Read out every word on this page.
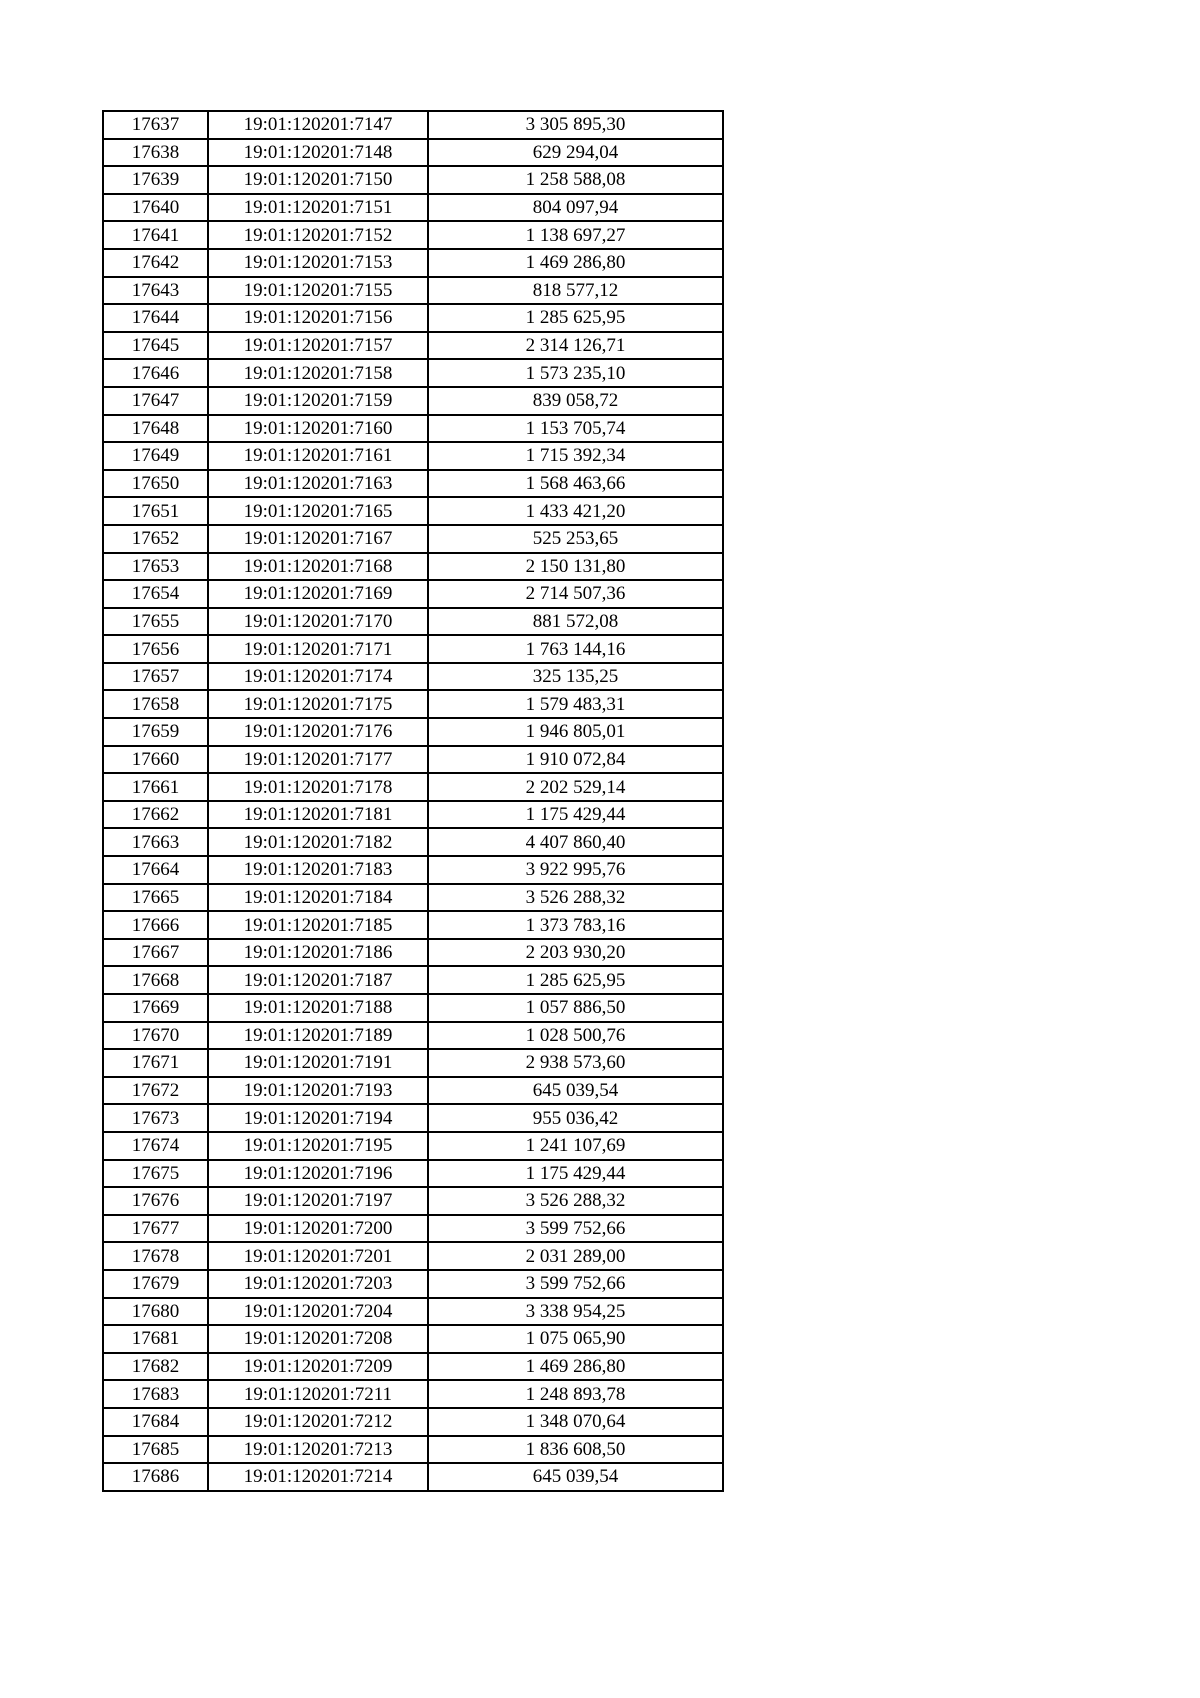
17637	19:01:120201:7147	3 305 895,30
17638	19:01:120201:7148	629 294,04
17639	19:01:120201:7150	1 258 588,08
17640	19:01:120201:7151	804 097,94
17641	19:01:120201:7152	1 138 697,27
17642	19:01:120201:7153	1 469 286,80
17643	19:01:120201:7155	818 577,12
17644	19:01:120201:7156	1 285 625,95
17645	19:01:120201:7157	2 314 126,71
17646	19:01:120201:7158	1 573 235,10
17647	19:01:120201:7159	839 058,72
17648	19:01:120201:7160	1 153 705,74
17649	19:01:120201:7161	1 715 392,34
17650	19:01:120201:7163	1 568 463,66
17651	19:01:120201:7165	1 433 421,20
17652	19:01:120201:7167	525 253,65
17653	19:01:120201:7168	2 150 131,80
17654	19:01:120201:7169	2 714 507,36
17655	19:01:120201:7170	881 572,08
17656	19:01:120201:7171	1 763 144,16
17657	19:01:120201:7174	325 135,25
17658	19:01:120201:7175	1 579 483,31
17659	19:01:120201:7176	1 946 805,01
17660	19:01:120201:7177	1 910 072,84
17661	19:01:120201:7178	2 202 529,14
17662	19:01:120201:7181	1 175 429,44
17663	19:01:120201:7182	4 407 860,40
17664	19:01:120201:7183	3 922 995,76
17665	19:01:120201:7184	3 526 288,32
17666	19:01:120201:7185	1 373 783,16
17667	19:01:120201:7186	2 203 930,20
17668	19:01:120201:7187	1 285 625,95
17669	19:01:120201:7188	1 057 886,50
17670	19:01:120201:7189	1 028 500,76
17671	19:01:120201:7191	2 938 573,60
17672	19:01:120201:7193	645 039,54
17673	19:01:120201:7194	955 036,42
17674	19:01:120201:7195	1 241 107,69
17675	19:01:120201:7196	1 175 429,44
17676	19:01:120201:7197	3 526 288,32
17677	19:01:120201:7200	3 599 752,66
17678	19:01:120201:7201	2 031 289,00
17679	19:01:120201:7203	3 599 752,66
17680	19:01:120201:7204	3 338 954,25
17681	19:01:120201:7208	1 075 065,90
17682	19:01:120201:7209	1 469 286,80
17683	19:01:120201:7211	1 248 893,78
17684	19:01:120201:7212	1 348 070,64
17685	19:01:120201:7213	1 836 608,50
17686	19:01:120201:7214	645 039,54
